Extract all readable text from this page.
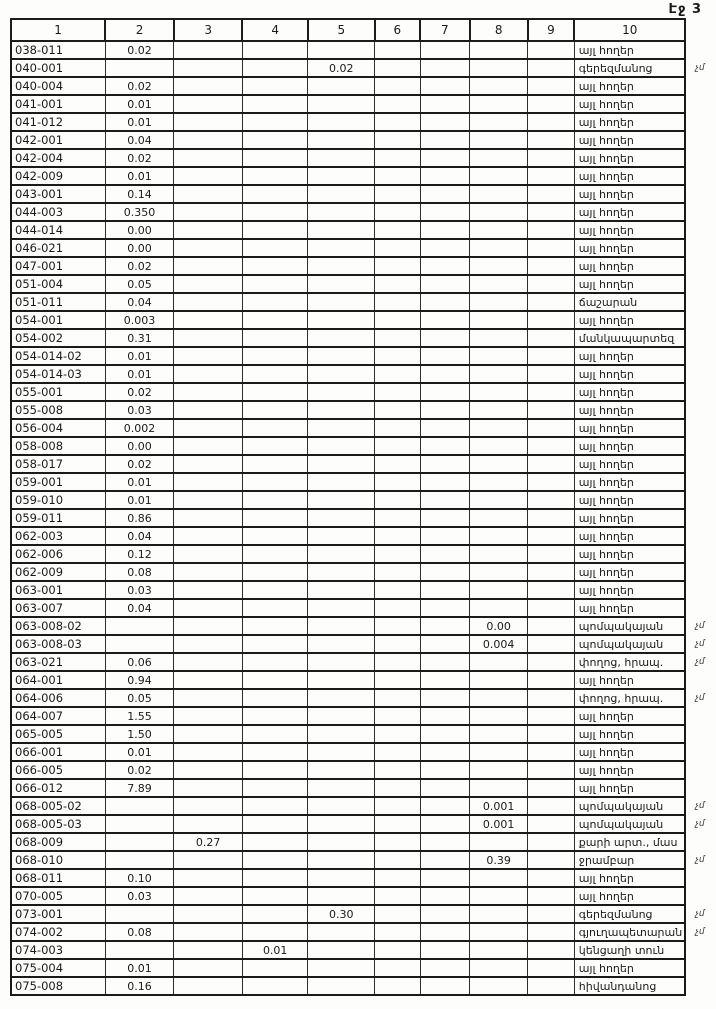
Էջ 3
1	2	3	4	5	6	7	8	9	10	
038-011	0.02								այլ հողեր	
040-001				0.02					գերեզմանոց	չմ
040-004	0.02								այլ հողեր	
041-001	0.01								այլ հողեր	
041-012	0.01								այլ հողեր	
042-001	0.04								այլ հողեր	
042-004	0.02								այլ հողեր	
042-009	0.01								այլ հողեր	
043-001	0.14								այլ հողեր	
044-003	0.350								այլ հողեր	
044-014	0.00								այլ հողեր	
046-021	0.00								այլ հողեր	
047-001	0.02								այլ հողեր	
051-004	0.05								այլ հողեր	
051-011	0.04								ճաշարան	
054-001	0.003								այլ հողեր	
054-002	0.31								մանկապարտեզ	
054-014-02	0.01								այլ հողեր	
054-014-03	0.01								այլ հողեր	
055-001	0.02								այլ հողեր	
055-008	0.03								այլ հողեր	
056-004	0.002								այլ հողեր	
058-008	0.00								այլ հողեր	
058-017	0.02								այլ հողեր	
059-001	0.01								այլ հողեր	
059-010	0.01								այլ հողեր	
059-011	0.86								այլ հողեր	
062-003	0.04								այլ հողեր	
062-006	0.12								այլ հողեր	
062-009	0.08								այլ հողեր	
063-001	0.03								այլ հողեր	
063-007	0.04								այլ հողեր	
063-008-02							0.00		պոմպակայան	չմ
063-008-03							0.004		պոմպակայան	չմ
063-021	0.06								փողոց, հրապ.	չմ
064-001	0.94								այլ հողեր	
064-006	0.05								փողոց, հրապ.	չմ
064-007	1.55								այլ հողեր	
065-005	1.50								այլ հողեր	
066-001	0.01								այլ հողեր	
066-005	0.02								այլ հողեր	
066-012	7.89								այլ հողեր	
068-005-02							0.001		պոմպակայան	չմ
068-005-03							0.001		պոմպակայան	չմ
068-009		0.27							քարի արտ., մաս	
068-010							0.39		ջրամբար	չմ
068-011	0.10								այլ հողեր	
070-005	0.03								այլ հողեր	
073-001				0.30					գերեզմանոց	չմ
074-002	0.08								գյուղապետարան	չմ
074-003			0.01						կենցաղի տուն	
075-004	0.01								այլ հողեր	
075-008	0.16								հիվանդանոց	
